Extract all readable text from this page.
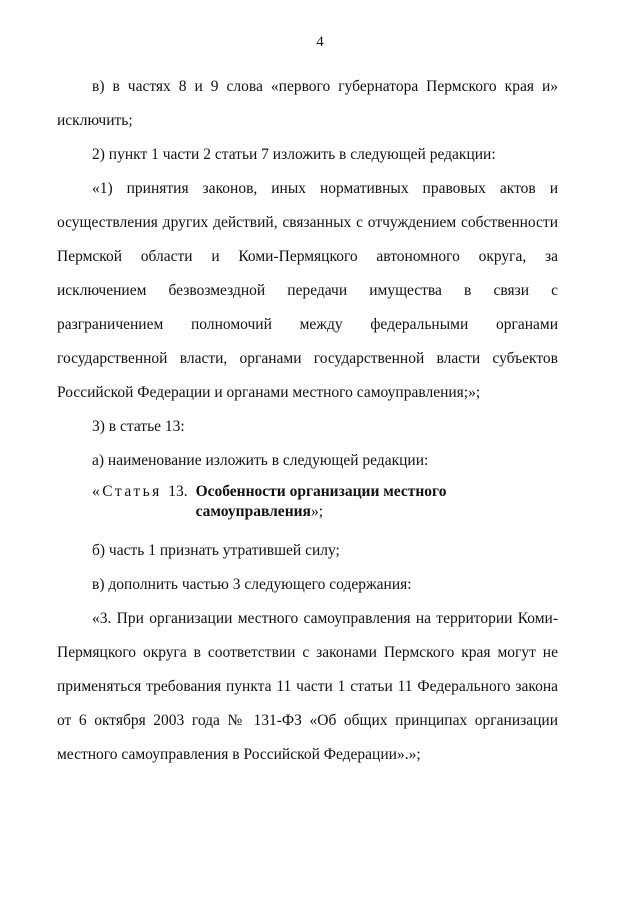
4

в) в частях 8 и 9 слова «первого губернатора Пермского края и» исключить;

2) пункт 1 части 2 статьи 7 изложить в следующей редакции:

«1) принятия законов, иных нормативных правовых актов и осуществления других действий, связанных с отчуждением собственности Пермской области и Коми-Пермяцкого автономного округа, за исключением безвозмездной передачи имущества в связи с разграничением полномочий между федеральными органами государственной власти, органами государственной власти субъектов Российской Федерации и органами местного самоуправления;»;

3) в статье 13:

а) наименование изложить в следующей редакции:

«Статья 13. Особенности организации местного самоуправления»;

б) часть 1 признать утратившей силу;

в) дополнить частью 3 следующего содержания:

«3. При организации местного самоуправления на территории Коми-Пермяцкого округа в соответствии с законами Пермского края могут не применяться требования пункта 11 части 1 статьи 11 Федерального закона от 6 октября 2003 года № 131-ФЗ «Об общих принципах организации местного самоуправления в Российской Федерации».»;
